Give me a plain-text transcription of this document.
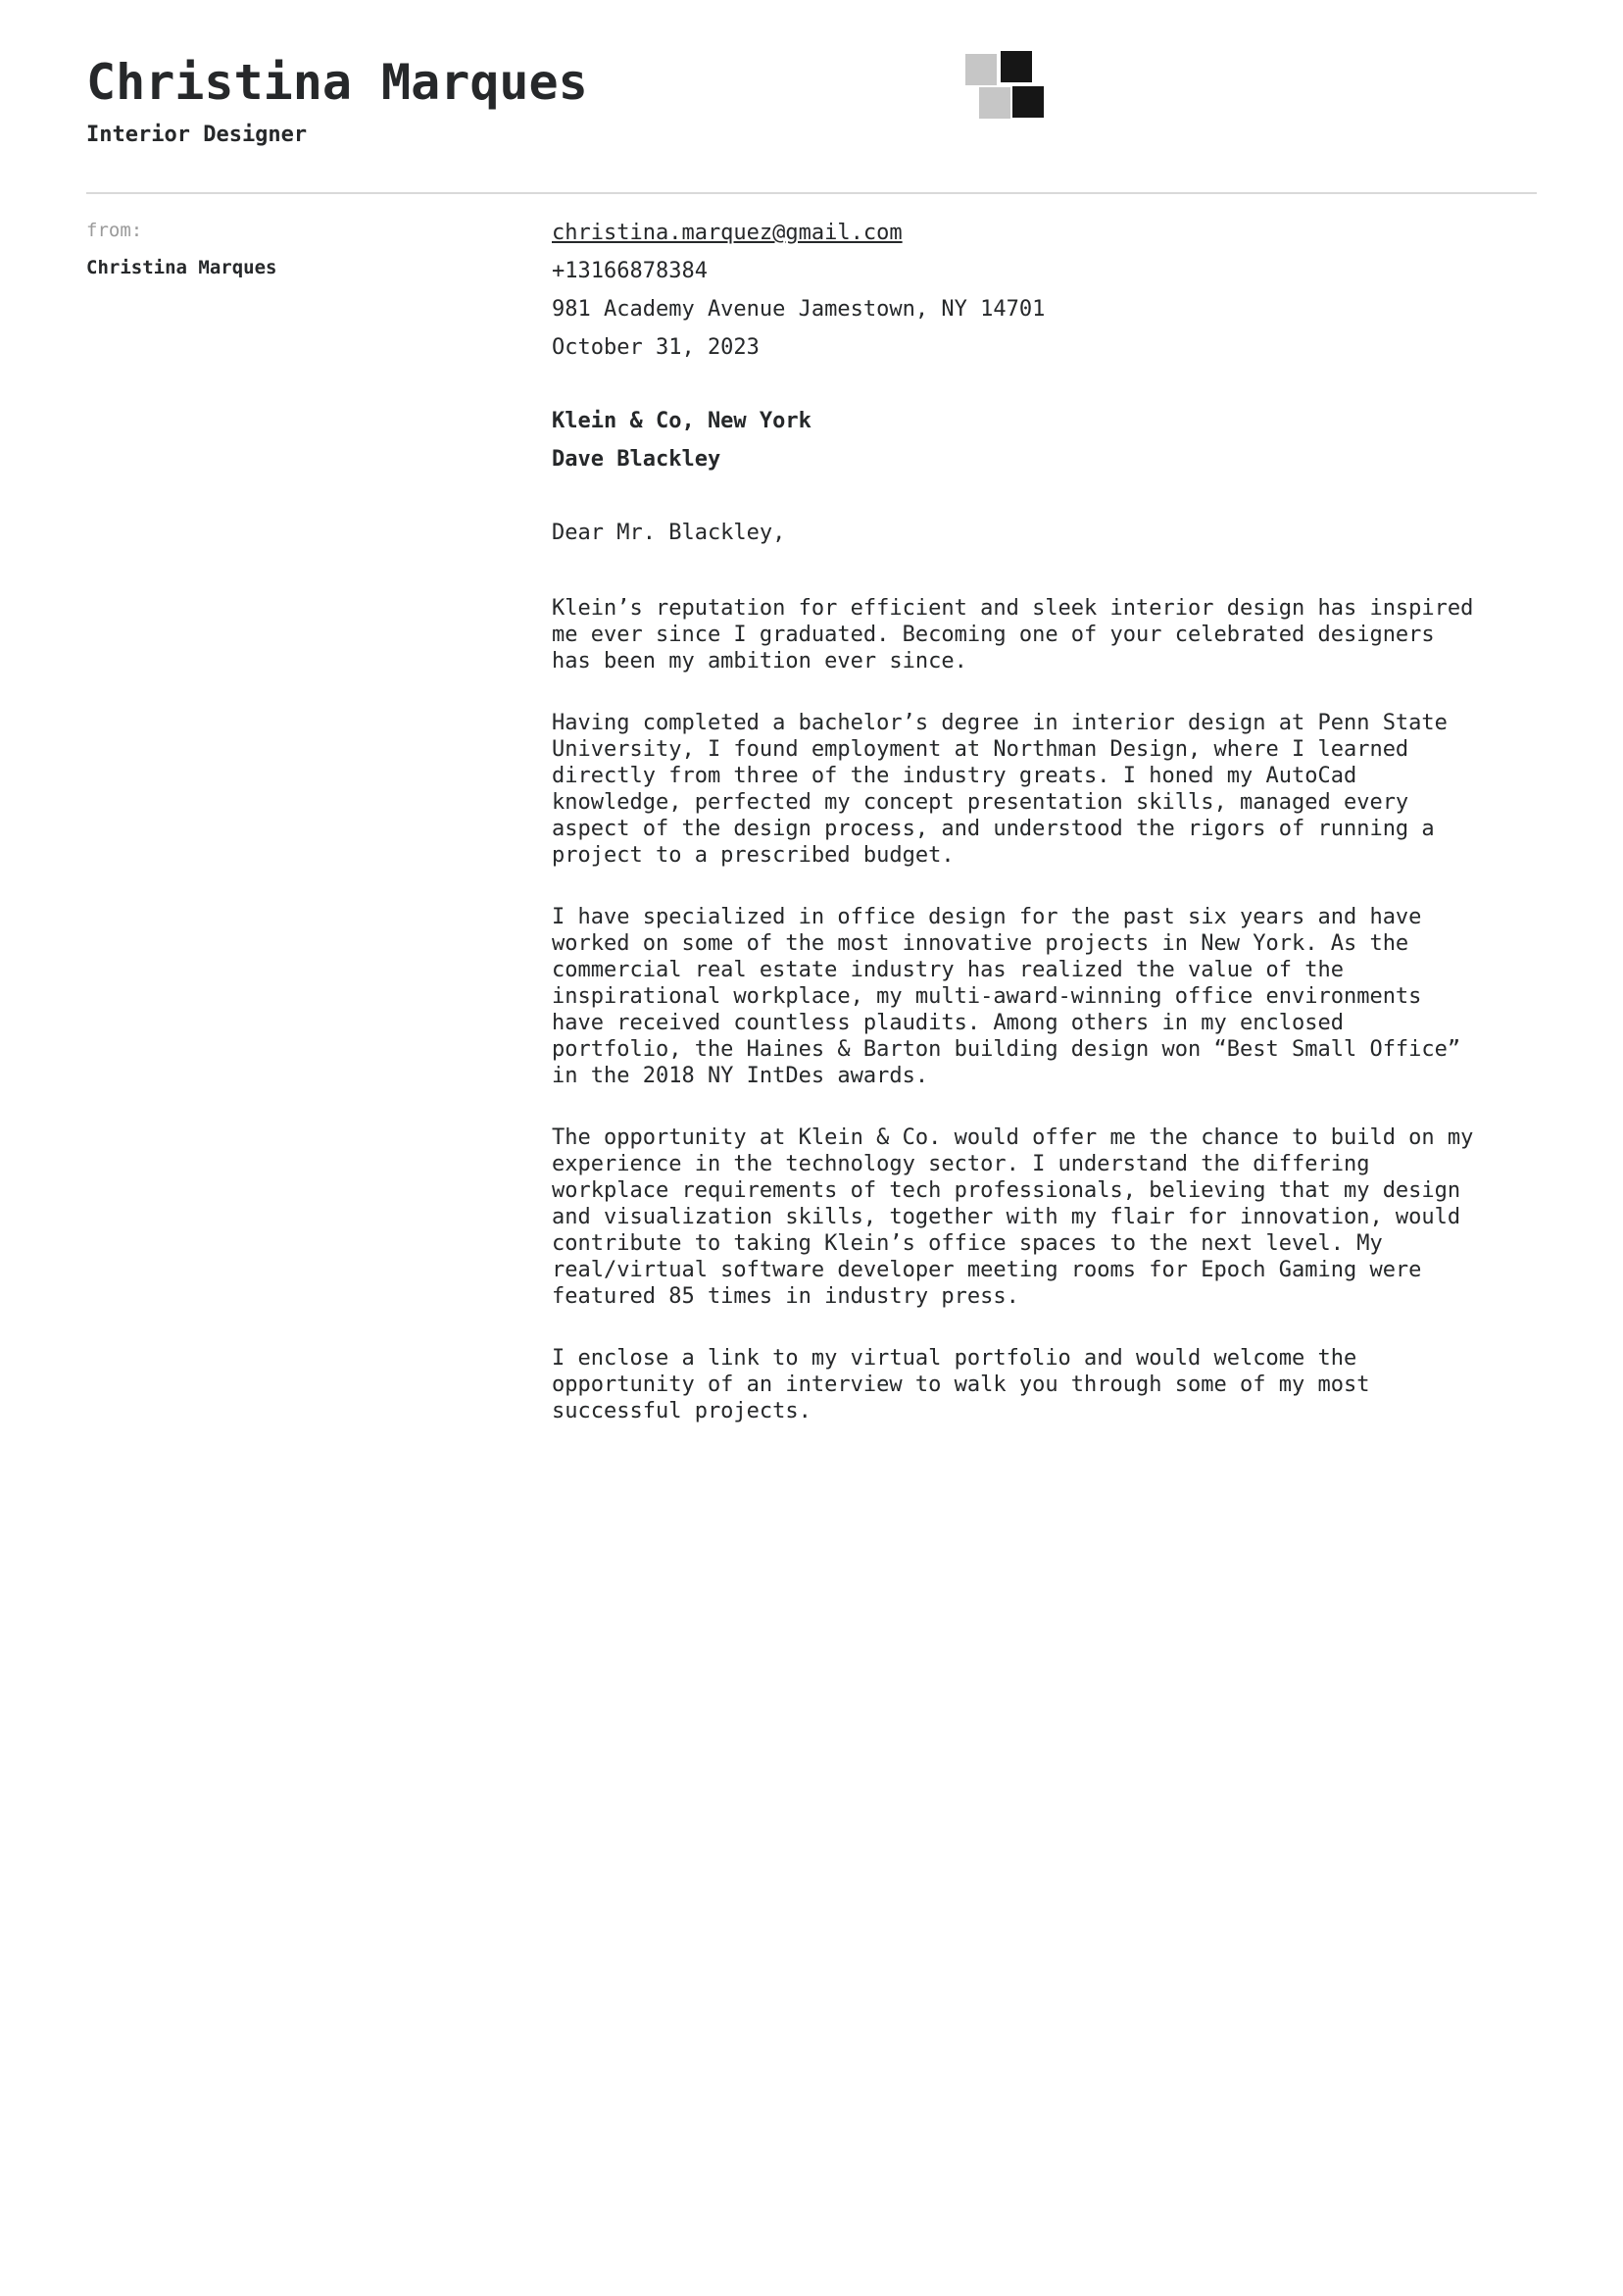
Christina Marques
Interior Designer
from:
Christina Marques
christina.marquez@gmail.com
+13166878384
981 Academy Avenue Jamestown, NY 14701
October 31, 2023
Klein & Co, New York
Dave Blackley
Dear Mr. Blackley,

Klein’s reputation for efficient and sleek interior design has inspired me ever since I graduated. Becoming one of your celebrated designers has been my ambition ever since.

Having completed a bachelor’s degree in interior design at Penn State University, I found employment at Northman Design, where I learned directly from three of the industry greats. I honed my AutoCad knowledge, perfected my concept presentation skills, managed every aspect of the design process, and understood the rigors of running a project to a prescribed budget.

I have specialized in office design for the past six years and have worked on some of the most innovative projects in New York. As the commercial real estate industry has realized the value of the inspirational workplace, my multi-award-winning office environments have received countless plaudits. Among others in my enclosed portfolio, the Haines & Barton building design won “Best Small Office” in the 2018 NY IntDes awards.

The opportunity at Klein & Co. would offer me the chance to build on my experience in the technology sector. I understand the differing workplace requirements of tech professionals, believing that my design and visualization skills, together with my flair for innovation, would contribute to taking Klein’s office spaces to the next level. My real/virtual software developer meeting rooms for Epoch Gaming were featured 85 times in industry press.

I enclose a link to my virtual portfolio and would welcome the opportunity of an interview to walk you through some of my most successful projects.
